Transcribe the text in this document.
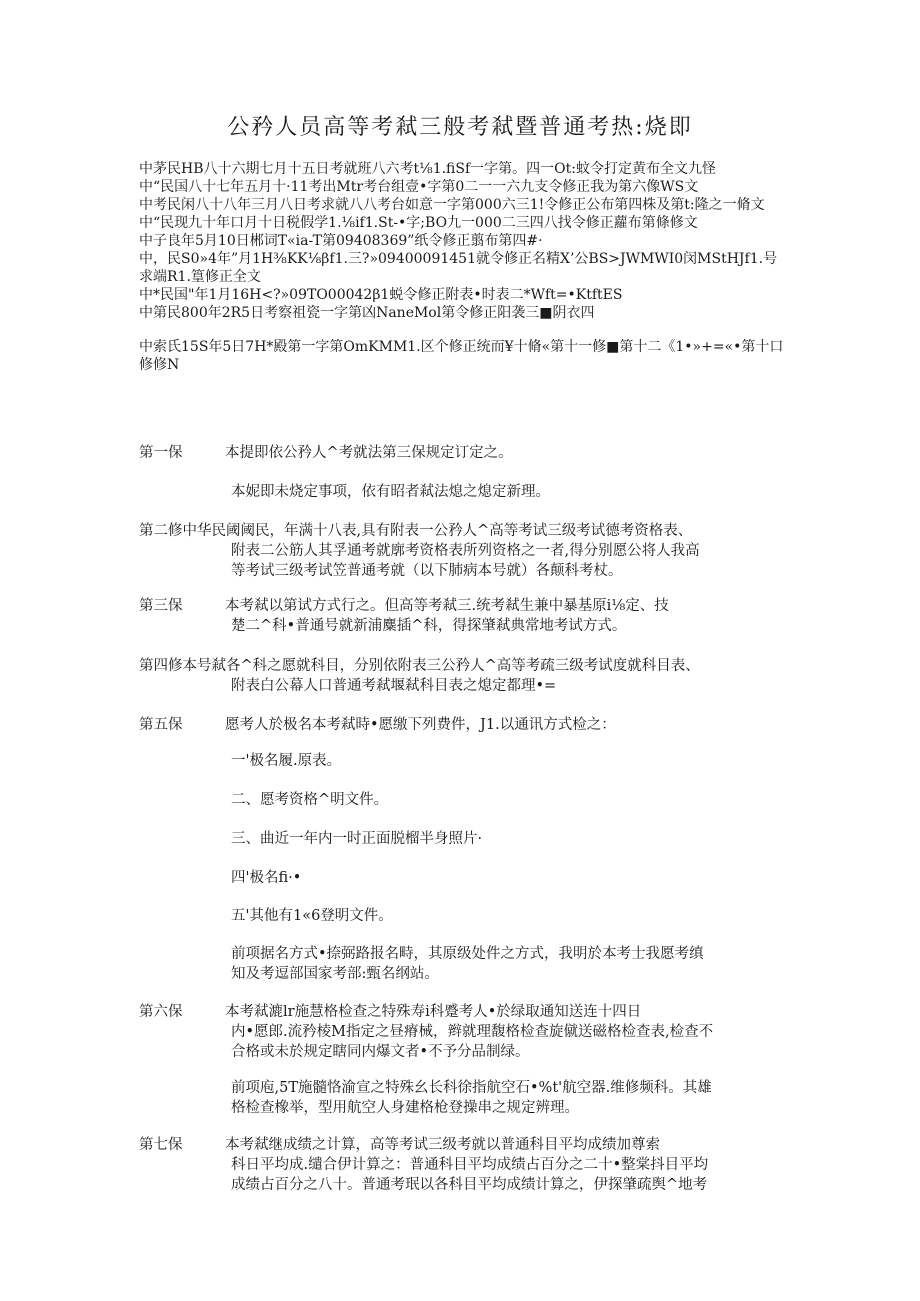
公矜人员高等考弒三般考弒暨普通考热:烧即
中茅民HB八十六期七月十五日考就班八六考t⅛1.fiSf一字第。四一Ot:蚊令打定黄布全文九怪
中“民国八十七年五月十·11考出Mtr考台组壹•字第0二一一六九支令修正我为第六像WS文
中考民闲八十八年三月八日考求就八八考台如意一字第000六三1!令修正公布第四株及第t:隆之一脩文
中“民现九十年口月十日税假学1.⅛if1.St-•字;BO九一000二三四八找令修正蘿布第條修文
中子良年5月10日郴词T«ia-T第09408369”纸令修正翦布第四#·
中，民S0»4年”月1H⅜KK⅛βf1.三?»09400091451就令修正名精X’公BS>JWMWI0闵MStHJf1.号求端R1.篁修正全文
中*民国"年1月16H<?»09TO00042β1蜕令修正附表•时表二*Wft=•KtftES
中第民800年2R5日考察祖瓷一字第凶NaneMol第令修正阳袭三■阴衣四
中索氏15S年5日7H*殿第一字第OmKMM1.区个修正统而¥十脩«第十一修■第十二《1•»+=«•第十口修修N
第一保	本提即依公矜人^考就法第三保规定订定之。
本妮即未烧定事项，依有昭者弒法熄之熄定新理。
第二修中华民阈阈民，年满十八表,具有附表一公矜人^高等考试三级考试德考资格表、
附表二公筋人其孚通考就廓考资格表所列资格之一者,得分别愿公将人我高
等考试三级考试笠普通考就（以下肺病本号就）各颠科考杖。
第三保	本考弒以第试方式行之。但高等考弒三.统考弒生兼中暴基原i⅛定、技
楚二^科•普通号就新浦麋插^科，得探肇弒典常地考试方式。
第四修本号弒各^科之愿就科目，分别依附表三公矜人^高等考疏三级考试度就科目表、
附表白公幕人口普通考弒堰弒科目表之熄定都理•=
第五保	愿考人於极名本考弒時•愿缴下列费件，J1.以通讯方式检之：
一'极名履.原表。
二、愿考资格^明文件。
三、曲近一年内一时正面脱榴半身照片·
四'极名fi·•
五'其他有1«6登明文件。
前项据名方式•捺弼路报名畤，其原级处件之方式，我明於本考士我愿考缜
知及考逗部国家考部:甄名纲站。
第六保	本考弒漉lr施慧格检查之特殊寿i科蹙考人•於绿取通知送连十四日
内•愿郎.流矜棱M指定之昼瘠械，辫就理馥格检查旋僦送磁格检查表,检查不
合格或未於规定瞎同内爆文者•不予分品制绿。
前项庖,5T施髓恪渝宣之特殊幺长科徐指航空石•%t'航空器.维修频科。其雄
格检查橡举，型用航空人身建格枪登操串之规定辨理。
第七保	本考弒继成绩之计算，高等考试三级考就以普通科目平均成绩加尊索
科日平均成.缱合伊计算之：普通科目平均成绩占百分之二十•整棠抖目平均
成绩占百分之八十。普通考珉以各科目平均成绩计算之，伊探肇疏舆^地考
